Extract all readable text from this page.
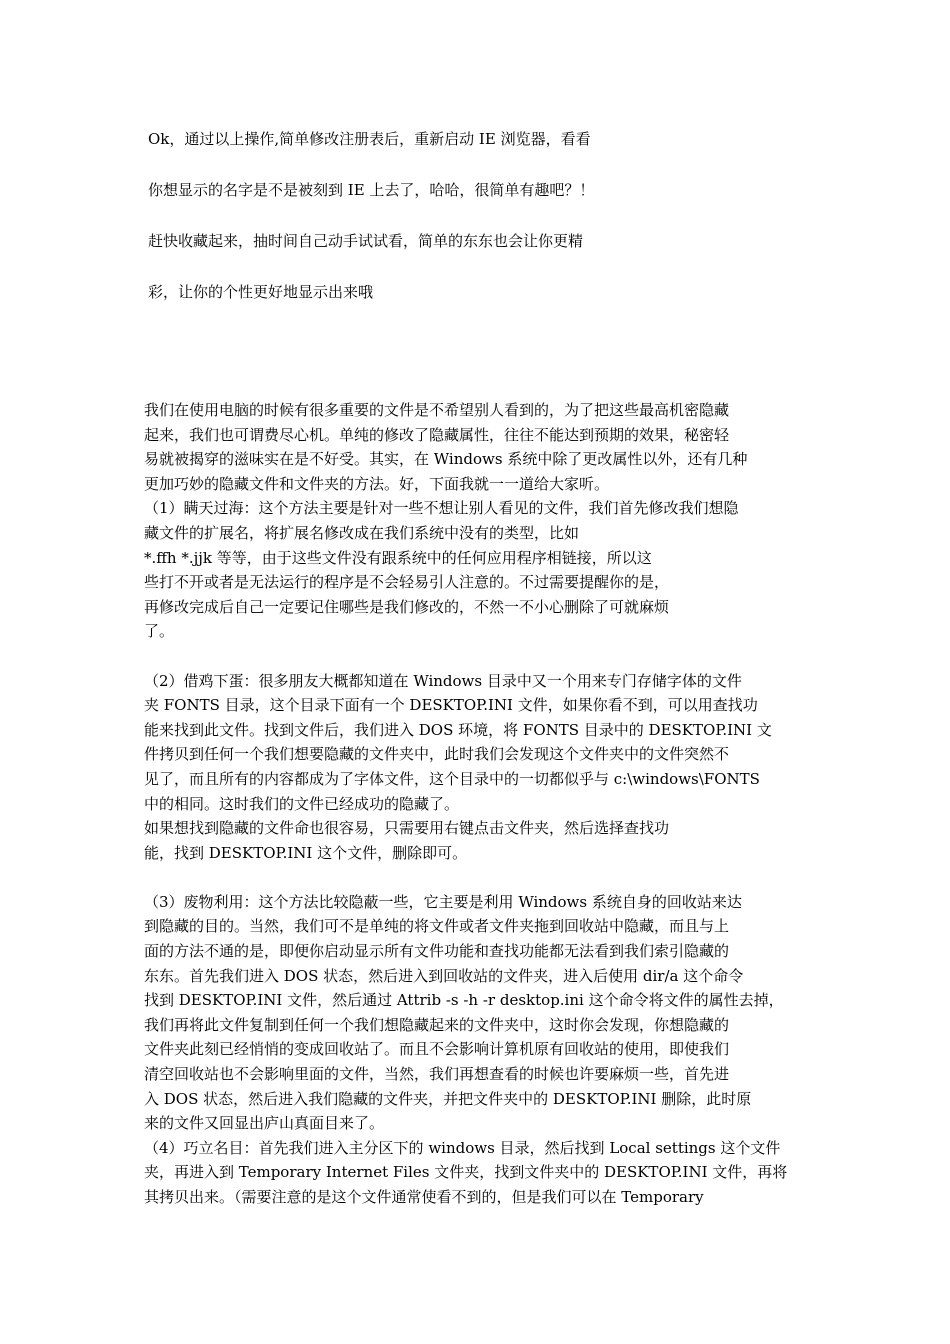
Ok，通过以上操作,简单修改注册表后，重新启动 IE 浏览器，看看

你想显示的名字是不是被刻到 IE 上去了，哈哈，很简单有趣吧？！

赶快收藏起来，抽时间自己动手试试看，简单的东东也会让你更精

彩，让你的个性更好地显示出来哦

我们在使用电脑的时候有很多重要的文件是不希望别人看到的，为了把这些最高机密隐藏

起来，我们也可谓费尽心机。单纯的修改了隐藏属性，往往不能达到预期的效果，秘密轻

易就被揭穿的滋味实在是不好受。其实，在 Windows 系统中除了更改属性以外，还有几种

更加巧妙的隐藏文件和文件夹的方法。好，下面我就一一道给大家听。

（1）瞒天过海：这个方法主要是针对一些不想让别人看见的文件，我们首先修改我们想隐

藏文件的扩展名，将扩展名修改成在我们系统中没有的类型，比如

*.ffh *.jjk 等等，由于这些文件没有跟系统中的任何应用程序相链接，所以这

些打不开或者是无法运行的程序是不会轻易引人注意的。不过需要提醒你的是，

再修改完成后自己一定要记住哪些是我们修改的，不然一不小心删除了可就麻烦

了。

（2）借鸡下蛋：很多朋友大概都知道在 Windows 目录中又一个用来专门存储字体的文件

夹 FONTS 目录，这个目录下面有一个 DESKTOP.INI 文件，如果你看不到，可以用查找功

能来找到此文件。找到文件后，我们进入 DOS 环境，将 FONTS 目录中的 DESKTOP.INI 文

件拷贝到任何一个我们想要隐藏的文件夹中，此时我们会发现这个文件夹中的文件突然不

见了，而且所有的内容都成为了字体文件，这个目录中的一切都似乎与 c:\windows\FONTS

中的相同。这时我们的文件已经成功的隐藏了。

如果想找到隐藏的文件命也很容易，只需要用右键点击文件夹，然后选择查找功

能，找到 DESKTOP.INI 这个文件，删除即可。

（3）废物利用：这个方法比较隐蔽一些，它主要是利用 Windows 系统自身的回收站来达

到隐藏的目的。当然，我们可不是单纯的将文件或者文件夹拖到回收站中隐藏，而且与上

面的方法不通的是，即便你启动显示所有文件功能和查找功能都无法看到我们索引隐藏的

东东。首先我们进入 DOS 状态，然后进入到回收站的文件夹，进入后使用 dir/a 这个命令

找到 DESKTOP.INI 文件，然后通过 Attrib -s -h -r desktop.ini 这个命令将文件的属性去掉，

我们再将此文件复制到任何一个我们想隐藏起来的文件夹中，这时你会发现，你想隐藏的

文件夹此刻已经悄悄的变成回收站了。而且不会影响计算机原有回收站的使用，即使我们

清空回收站也不会影响里面的文件，当然，我们再想查看的时候也许要麻烦一些，首先进

入 DOS 状态，然后进入我们隐藏的文件夹，并把文件夹中的 DESKTOP.INI 删除，此时原

来的文件又回显出庐山真面目来了。

（4）巧立名目：首先我们进入主分区下的 windows 目录，然后找到 Local settings 这个文件

夹，再进入到 Temporary Internet Files 文件夹，找到文件夹中的 DESKTOP.INI 文件，再将

其拷贝出来。（需要注意的是这个文件通常使看不到的，但是我们可以在 Temporary
